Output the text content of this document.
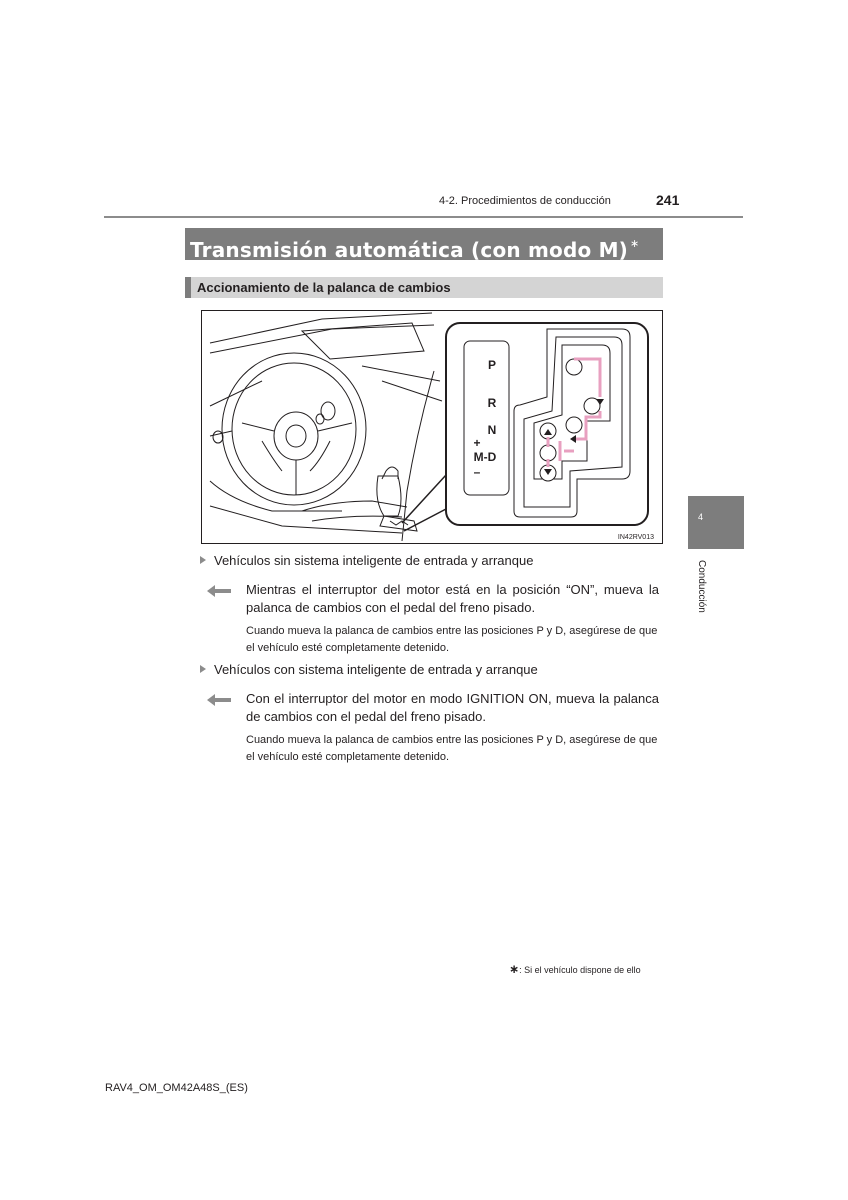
4-2. Procedimientos de conducción	241
Transmisión automática (con modo M) ∗
Accionamiento de la palanca de cambios
P
R
N
+
M-D
–
IN42RV013
Vehículos sin sistema inteligente de entrada y arranque
Mientras el interruptor del motor está en la posición “ON”, mueva la palanca de cambios con el pedal del freno pisado.
Cuando mueva la palanca de cambios entre las posiciones P y D, asegúrese de que el vehículo esté completamente detenido.
Vehículos con sistema inteligente de entrada y arranque
Con el interruptor del motor en modo IGNITION ON, mueva la palanca de cambios con el pedal del freno pisado.
Cuando mueva la palanca de cambios entre las posiciones P y D, asegúrese de que el vehículo esté completamente detenido.
4
Conducción
∗: Si el vehículo dispone de ello
RAV4_OM_OM42A48S_(ES)
